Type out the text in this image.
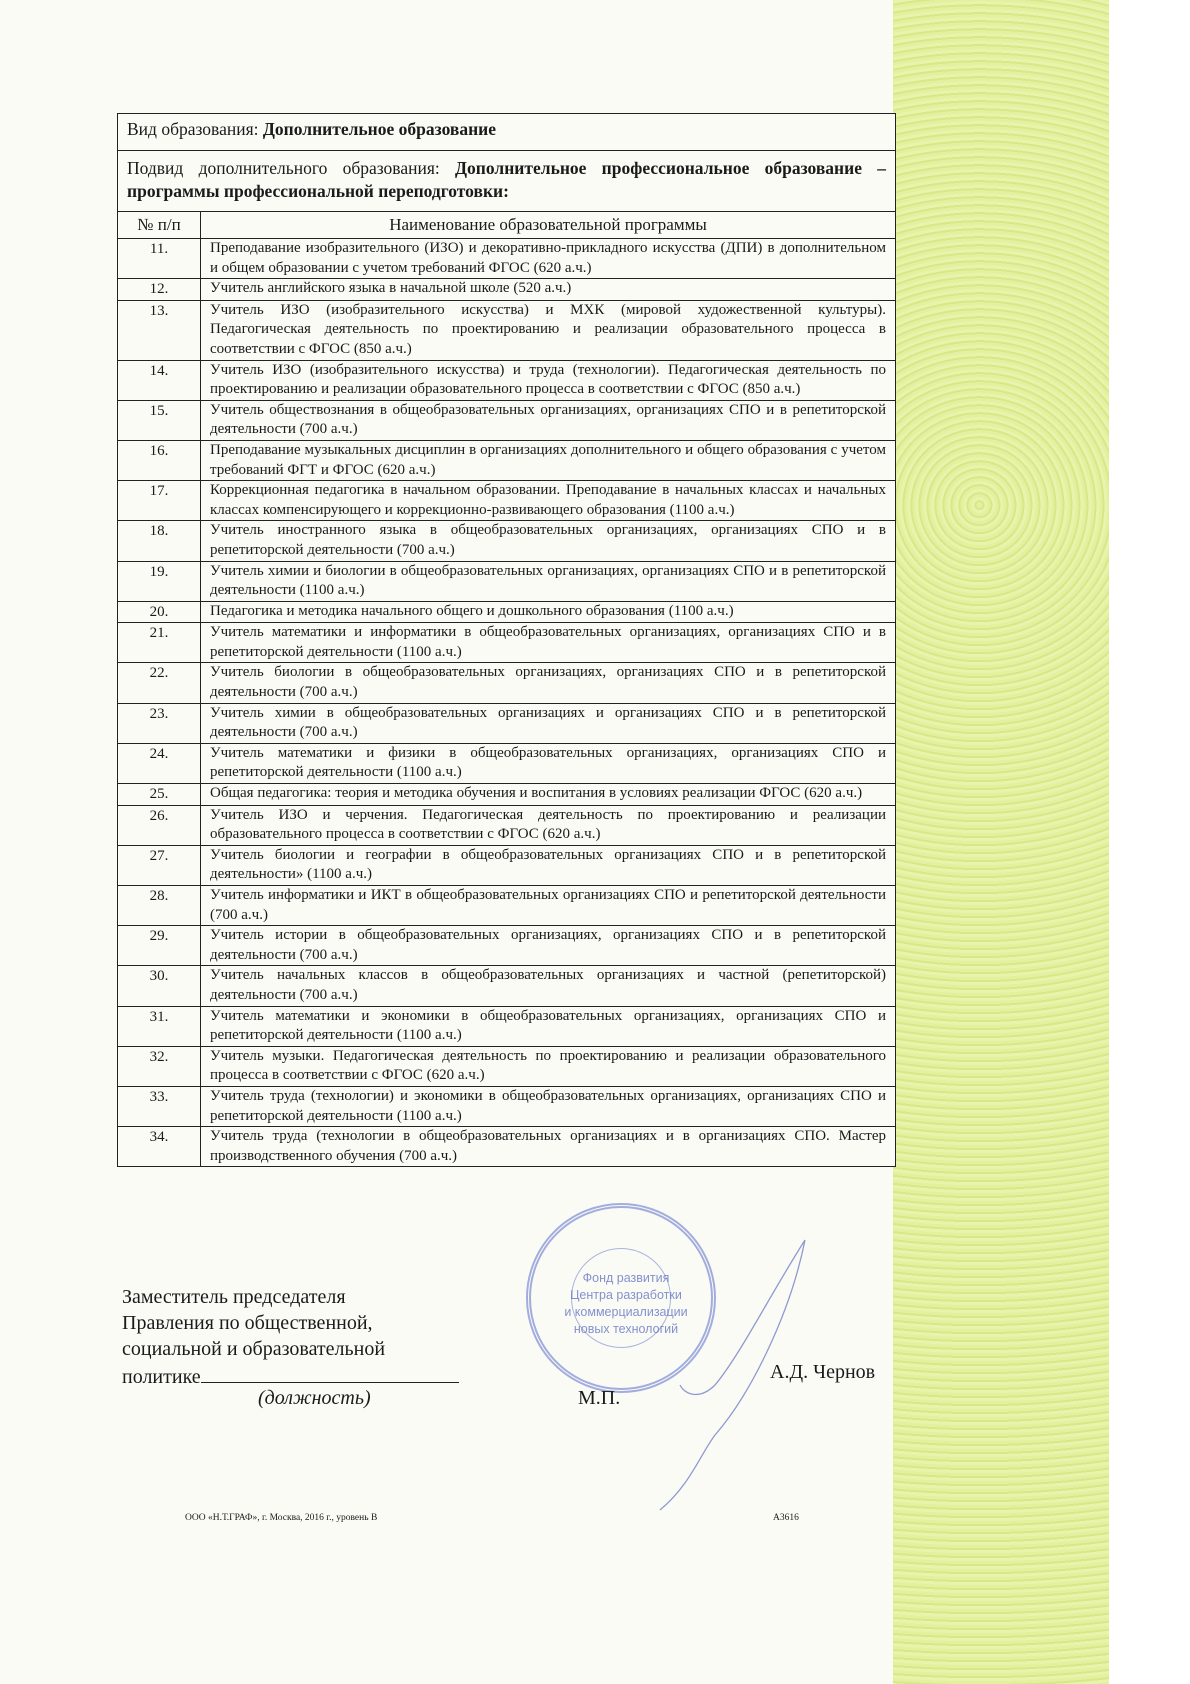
Вид образования: Дополнительное образование	
Подвид дополнительного образования: Дополнительное профессиональное образование – программы профессиональной переподготовки:	
№ п/п	Наименование образовательной программы
11.	Преподавание изобразительного (ИЗО) и декоративно-прикладного искусства (ДПИ) в дополнительном и общем образовании с учетом требований ФГОС (620 а.ч.)
12.	Учитель английского языка в начальной школе (520 а.ч.)
13.	Учитель ИЗО (изобразительного искусства) и МХК (мировой художественной культуры). Педагогическая деятельность по проектированию и реализации образовательного процесса в соответствии с ФГОС (850 а.ч.)
14.	Учитель ИЗО (изобразительного искусства) и труда (технологии). Педагогическая деятельность по проектированию и реализации образовательного процесса в соответствии с ФГОС (850 а.ч.)
15.	Учитель обществознания в общеобразовательных организациях, организациях СПО и в репетиторской деятельности (700 а.ч.)
16.	Преподавание музыкальных дисциплин в организациях дополнительного и общего образования с учетом требований ФГТ и ФГОС (620 а.ч.)
17.	Коррекционная педагогика в начальном образовании. Преподавание в начальных классах и начальных классах компенсирующего и коррекционно-развивающего образования (1100 а.ч.)
18.	Учитель иностранного языка в общеобразовательных организациях, организациях СПО и в репетиторской деятельности (700 а.ч.)
19.	Учитель химии и биологии в общеобразовательных организациях, организациях СПО и в репетиторской деятельности (1100 а.ч.)
20.	Педагогика и методика начального общего и дошкольного образования (1100 а.ч.)
21.	Учитель математики и информатики в общеобразовательных организациях, организациях СПО и в репетиторской деятельности (1100 а.ч.)
22.	Учитель биологии в общеобразовательных организациях, организациях СПО и в репетиторской деятельности (700 а.ч.)
23.	Учитель химии в общеобразовательных организациях и организациях СПО и в репетиторской деятельности (700 а.ч.)
24.	Учитель математики и физики в общеобразовательных организациях, организациях СПО и репетиторской деятельности (1100 а.ч.)
25.	Общая педагогика: теория и методика обучения и воспитания в условиях реализации ФГОС (620 а.ч.)
26.	Учитель ИЗО и черчения. Педагогическая деятельность по проектированию и реализации образовательного процесса в соответствии с ФГОС (620 а.ч.)
27.	Учитель биологии и географии в общеобразовательных организациях СПО и в репетиторской деятельности» (1100 а.ч.)
28.	Учитель информатики и ИКТ в общеобразовательных организациях СПО и репетиторской деятельности (700 а.ч.)
29.	Учитель истории в общеобразовательных организациях, организациях СПО и в репетиторской деятельности (700 а.ч.)
30.	Учитель начальных классов в общеобразовательных организациях и частной (репетиторской) деятельности (700 а.ч.)
31.	Учитель математики и экономики в общеобразовательных организациях, организациях СПО и репетиторской деятельности (1100 а.ч.)
32.	Учитель музыки. Педагогическая деятельность по проектированию и реализации образовательного процесса в соответствии с ФГОС (620 а.ч.)
33.	Учитель труда (технологии) и экономики в общеобразовательных организациях, организациях СПО и репетиторской деятельности (1100 а.ч.)
34.	Учитель труда (технологии в общеобразовательных организациях и в организациях СПО. Мастер производственного обучения (700 а.ч.)
Заместитель председателя
Правления по общественной,
социальной и образовательной
политике
(должность)
Фонд развития
Центра разработки
и коммерциализации
новых технологий
М.П.
А.Д. Чернов
ООО «Н.Т.ГРАФ», г. Москва, 2016 г., уровень В	А3616
